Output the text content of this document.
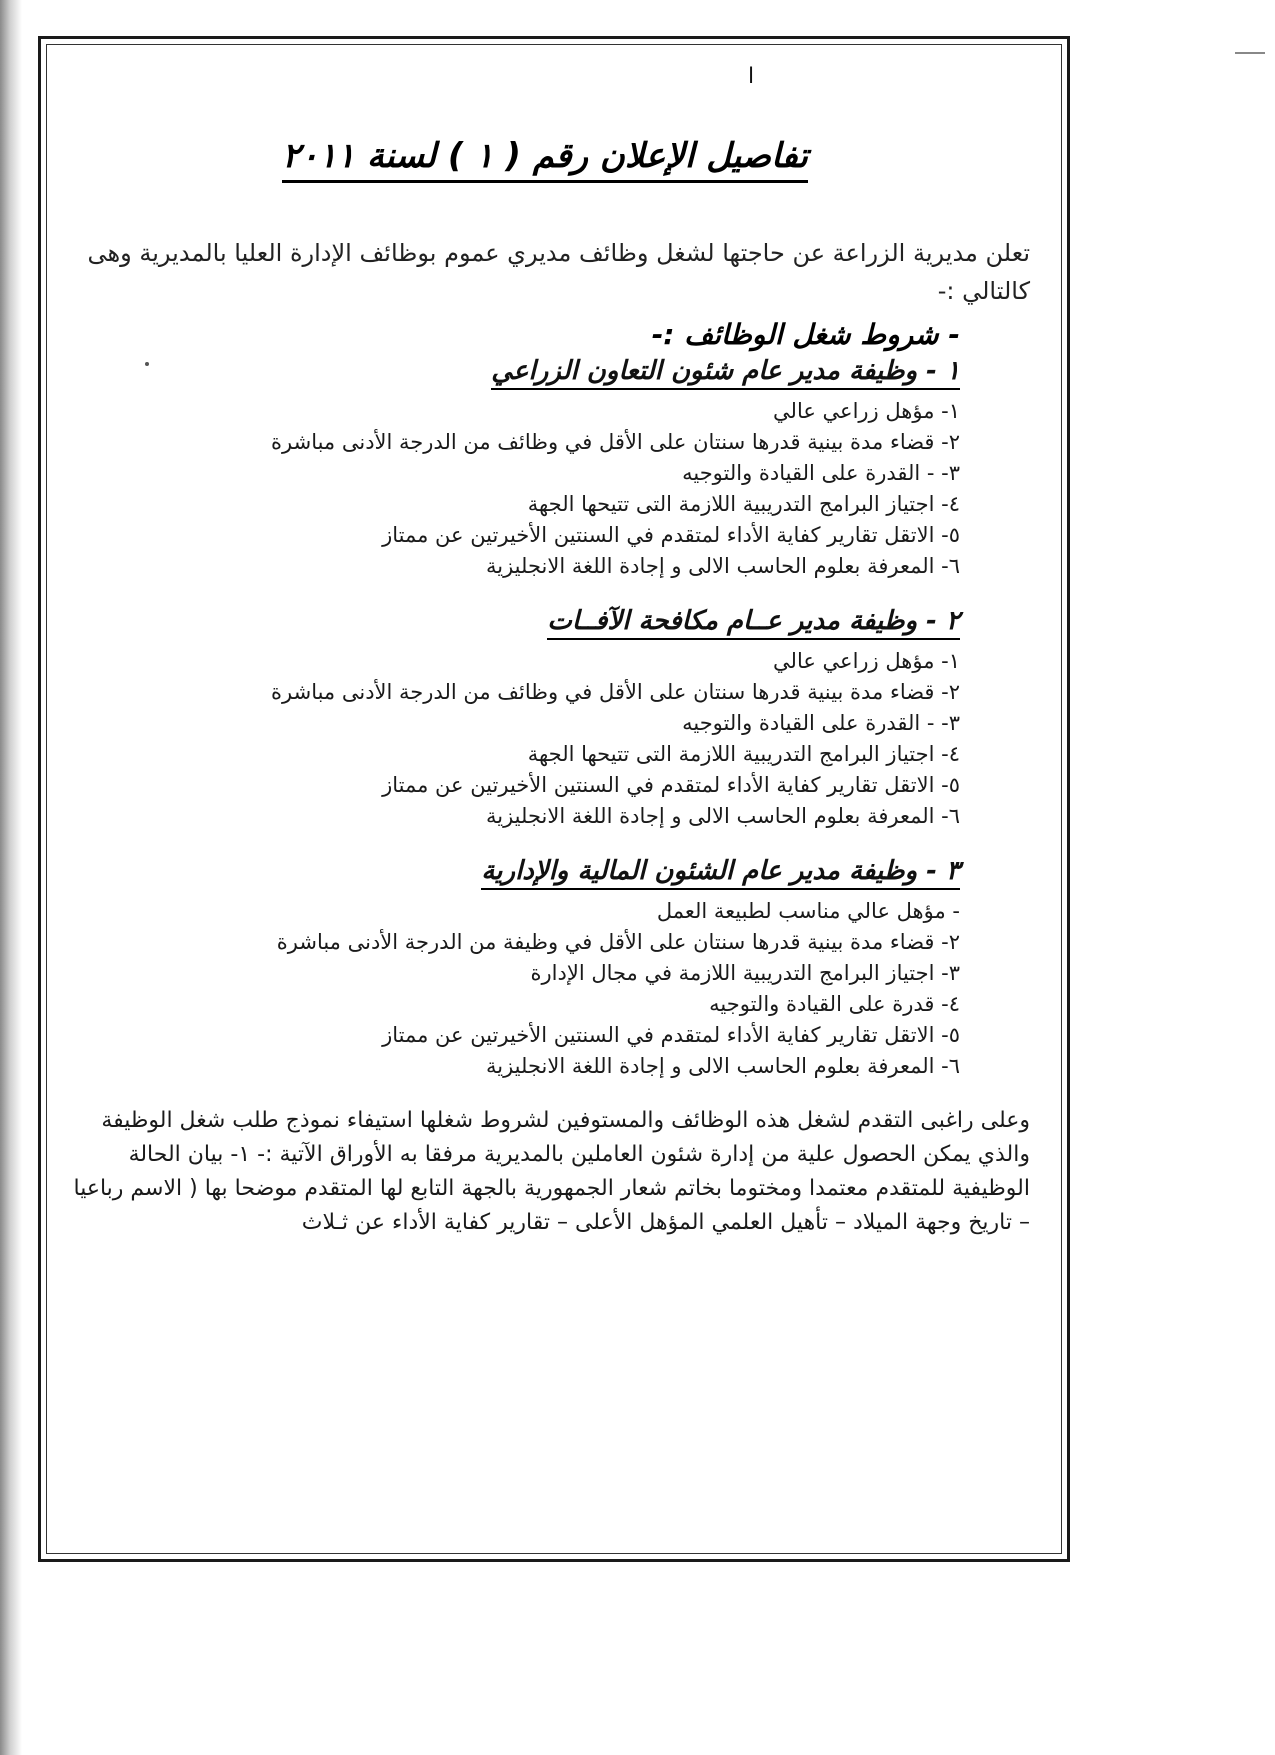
ا
تفاصيل الإعلان رقم ( ١ ) لسنة ٢٠١١
تعلن مديرية الزراعة عن حاجتها لشغل وظائف مديري عموم بوظائف الإدارة العليا بالمديرية وهى كالتالي :-
- شروط شغل الوظائف :-
١ - وظيفة مدير عام شئون التعاون الزراعي
١- مؤهل زراعي عالي
٢- قضاء مدة بينية قدرها سنتان على الأقل في وظائف من الدرجة الأدنى مباشرة
٣- - القدرة على القيادة والتوجيه
٤- اجتياز البرامج التدريبية اللازمة التى تتيحها الجهة
٥- الاتقل تقارير كفاية الأداء لمتقدم في السنتين الأخيرتين عن ممتاز
٦- المعرفة بعلوم الحاسب الالى و إجادة اللغة الانجليزية
٢ - وظيفة مدير عــام مكافحة الآفــات
١- مؤهل زراعي عالي
٢- قضاء مدة بينية قدرها سنتان على الأقل في وظائف من الدرجة الأدنى مباشرة
٣- - القدرة على القيادة والتوجيه
٤- اجتياز البرامج التدريبية اللازمة التى تتيحها الجهة
٥- الاتقل تقارير كفاية الأداء لمتقدم في السنتين الأخيرتين عن ممتاز
٦- المعرفة بعلوم الحاسب الالى و إجادة اللغة الانجليزية
٣ - وظيفة مدير عام الشئون المالية والإدارية
- مؤهل عالي مناسب لطبيعة العمل
٢- قضاء مدة بينية قدرها سنتان على الأقل في وظيفة من الدرجة الأدنى مباشرة
٣- اجتياز البرامج التدريبية اللازمة في مجال الإدارة
٤- قدرة على القيادة والتوجيه
٥- الاتقل تقارير كفاية الأداء لمتقدم في السنتين الأخيرتين عن ممتاز
٦- المعرفة بعلوم الحاسب الالى و إجادة اللغة الانجليزية
وعلى راغبى التقدم لشغل هذه الوظائف والمستوفين لشروط شغلها استيفاء نموذج طلب شغل الوظيفة والذي يمكن الحصول علية من إدارة شئون العاملين بالمديرية مرفقا به الأوراق الآتية :- ١- بيان الحالة الوظيفية للمتقدم معتمدا ومختوما بخاتم شعار الجمهورية بالجهة التابع لها المتقدم موضحا بها ( الاسم رباعيا – تاريخ وجهة الميلاد – تأهيل العلمي المؤهل الأعلى – تقارير كفاية الأداء عن ثـلاث
